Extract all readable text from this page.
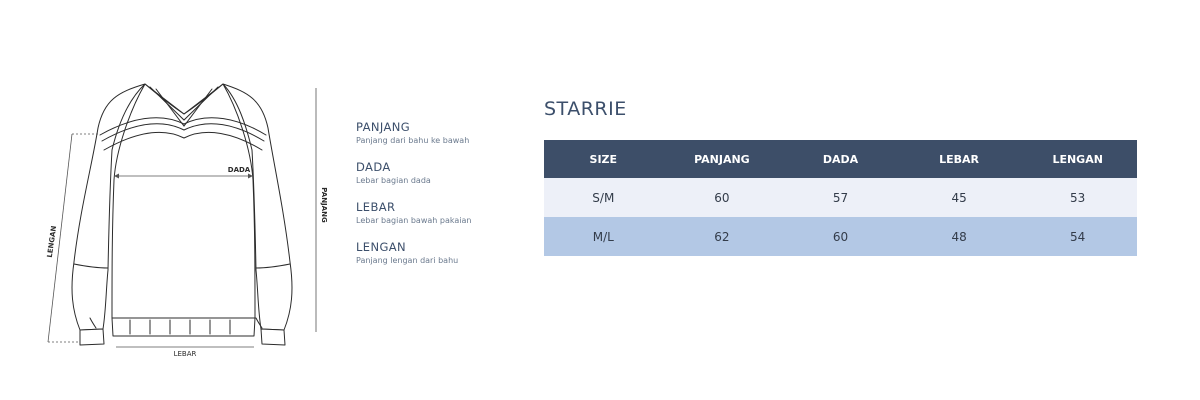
DADA
PANJANG
LENGAN
LEBAR
PANJANG
Panjang dari bahu ke bawah
DADA
Lebar bagian dada
LEBAR
Lebar bagian bawah pakaian
LENGAN
Panjang lengan dari bahu
STARRIE
SIZE	PANJANG	DADA	LEBAR	LENGAN
S/M	60	57	45	53
M/L	62	60	48	54
